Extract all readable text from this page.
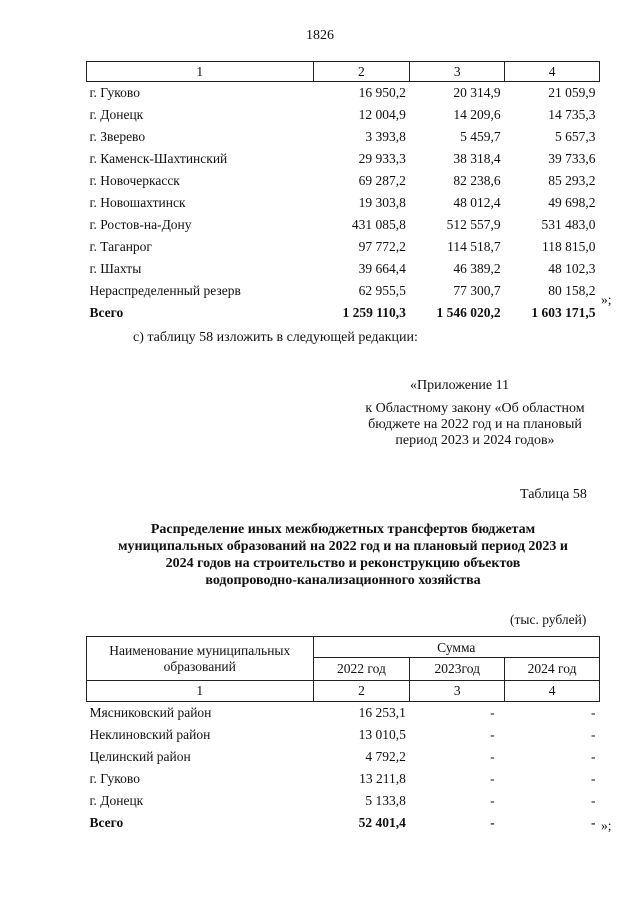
1826
1	2	3	4
г. Гуково	16 950,2	20 314,9	21 059,9
г. Донецк	12 004,9	14 209,6	14 735,3
г. Зверево	3 393,8	5 459,7	5 657,3
г. Каменск-Шахтинский	29 933,3	38 318,4	39 733,6
г. Новочеркасск	69 287,2	82 238,6	85 293,2
г. Новошахтинск	19 303,8	48 012,4	49 698,2
г. Ростов-на-Дону	431 085,8	512 557,9	531 483,0
г. Таганрог	97 772,2	114 518,7	118 815,0
г. Шахты	39 664,4	46 389,2	48 102,3
Нераспределенный резерв	62 955,5	77 300,7	80 158,2
Всего	1 259 110,3	1 546 020,2	1 603 171,5
»;
с) таблицу 58 изложить в следующей редакции:
«Приложение 11
к Областному закону «Об областном
бюджете на 2022 год и на плановый
период 2023 и 2024 годов»
Таблица 58
Распределение иных межбюджетных трансфертов бюджетам
муниципальных образований на 2022 год и на плановый период 2023 и
2024 годов на строительство и реконструкцию объектов
водопроводно-канализационного хозяйства
(тыс. рублей)
Наименование муниципальных образований	Сумма		
	2022 год	2023год	2024 год
1	2	3	4
Мясниковский район	16 253,1	-	-
Неклиновский район	13 010,5	-	-
Целинский район	4 792,2	-	-
г. Гуково	13 211,8	-	-
г. Донецк	5 133,8	-	-
Всего	52 401,4	-	- »;
